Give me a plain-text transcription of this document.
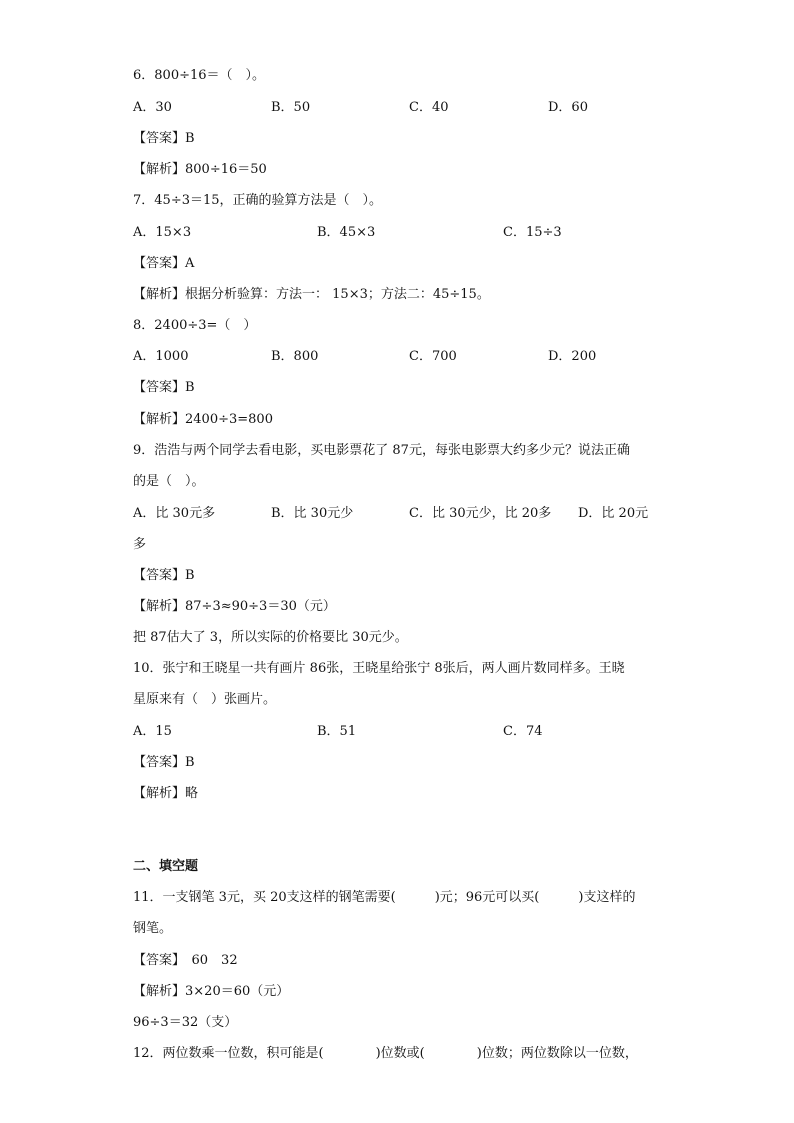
6．800÷16＝（　）。
A．30	B．50	C．40	D．60
【答案】B
【解析】800÷16＝50
7．45÷3＝15，正确的验算方法是（　）。
A．15×3	B．45×3	C．15÷3
【答案】A
【解析】根据分析验算：方法一： 15×3；方法二：45÷15。
8．2400÷3=（　）
A．1000	B．800	C．700	D．200
【答案】B
【解析】2400÷3=800
9．浩浩与两个同学去看电影，买电影票花了 87元，每张电影票大约多少元？说法正确
的是（　）。
A．比 30元多	B．比 30元少	C．比 30元少，比 20多 D．比 20元
多
【答案】B
【解析】87÷3≈90÷3＝30（元）
把 87估大了 3，所以实际的价格要比 30元少。
10．张宁和王晓星一共有画片 86张，王晓星给张宁 8张后，两人画片数同样多。王晓
星原来有（　）张画片。
A．15	B．51	C．74
【答案】B
【解析】略
二、填空题
11．一支钢笔 3元，买 20支这样的钢笔需要(　　　)元；96元可以买(　　　)支这样的
钢笔。
【答案】　60　32
【解析】3×20＝60（元）
96÷3＝32（支）
12．两位数乘一位数，积可能是(　　　　)位数或(　　　　)位数；两位数除以一位数，
